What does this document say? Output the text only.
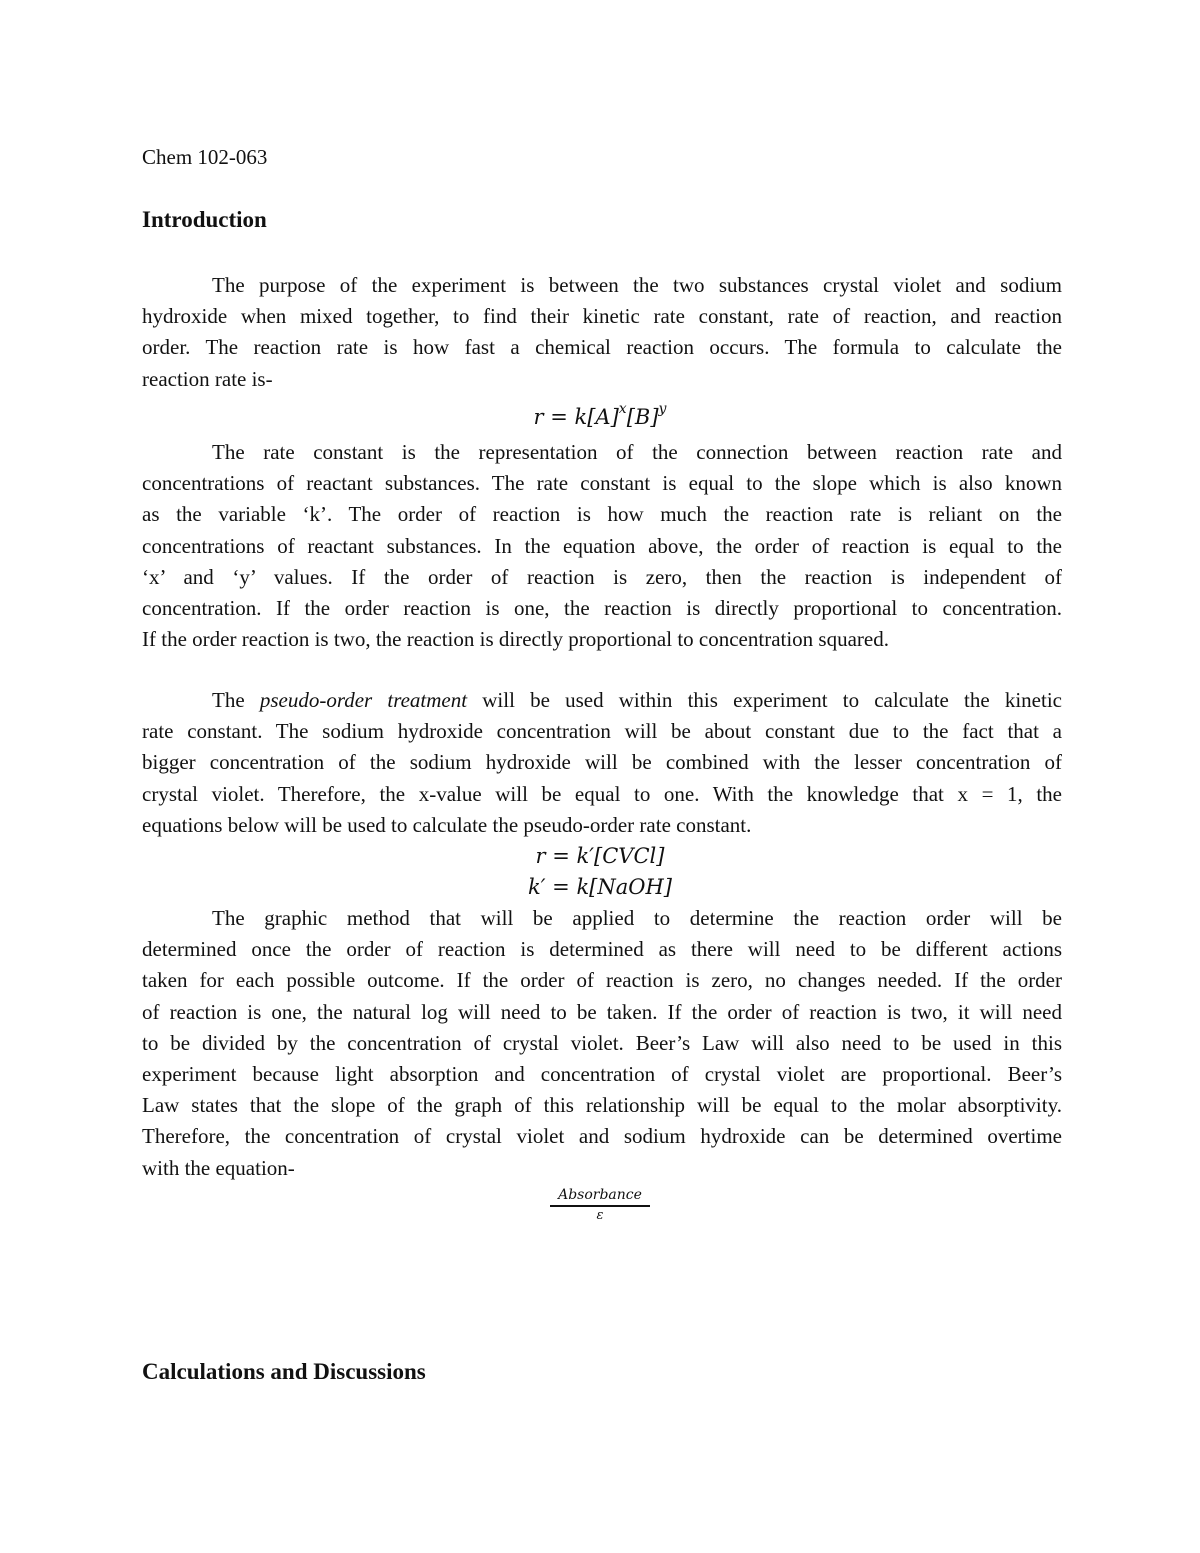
Chem 102-063
Introduction
The purpose of the experiment is between the two substances crystal violet and sodium
hydroxide when mixed together, to find their kinetic rate constant, rate of reaction, and reaction
order. The reaction rate is how fast a chemical reaction occurs. The formula to calculate the
reaction rate is-
$r = k[A]^x[B]^y$
The rate constant is the representation of the connection between reaction rate and
concentrations of reactant substances. The rate constant is equal to the slope which is also known
as the variable ‘k’. The order of reaction is how much the reaction rate is reliant on the
concentrations of reactant substances. In the equation above, the order of reaction is equal to the
‘x’ and ‘y’ values. If the order of reaction is zero, then the reaction is independent of
concentration. If the order reaction is one, the reaction is directly proportional to concentration.
If the order reaction is two, the reaction is directly proportional to concentration squared.
The pseudo-order treatment will be used within this experiment to calculate the kinetic
rate constant. The sodium hydroxide concentration will be about constant due to the fact that a
bigger concentration of the sodium hydroxide will be combined with the lesser concentration of
crystal violet. Therefore, the x-value will be equal to one. With the knowledge that x = 1, the
equations below will be used to calculate the pseudo-order rate constant.
r = k′[CVCl]
k′ = k[NaOH]
The graphic method that will be applied to determine the reaction order will be
determined once the order of reaction is determined as there will need to be different actions
taken for each possible outcome. If the order of reaction is zero, no changes needed. If the order
of reaction is one, the natural log will need to be taken. If the order of reaction is two, it will need
to be divided by the concentration of crystal violet. Beer’s Law will also need to be used in this
experiment because light absorption and concentration of crystal violet are proportional. Beer’s
Law states that the slope of the graph of this relationship will be equal to the molar absorptivity.
Therefore, the concentration of crystal violet and sodium hydroxide can be determined overtime
with the equation-
Absorbance
ε
Calculations and Discussions
